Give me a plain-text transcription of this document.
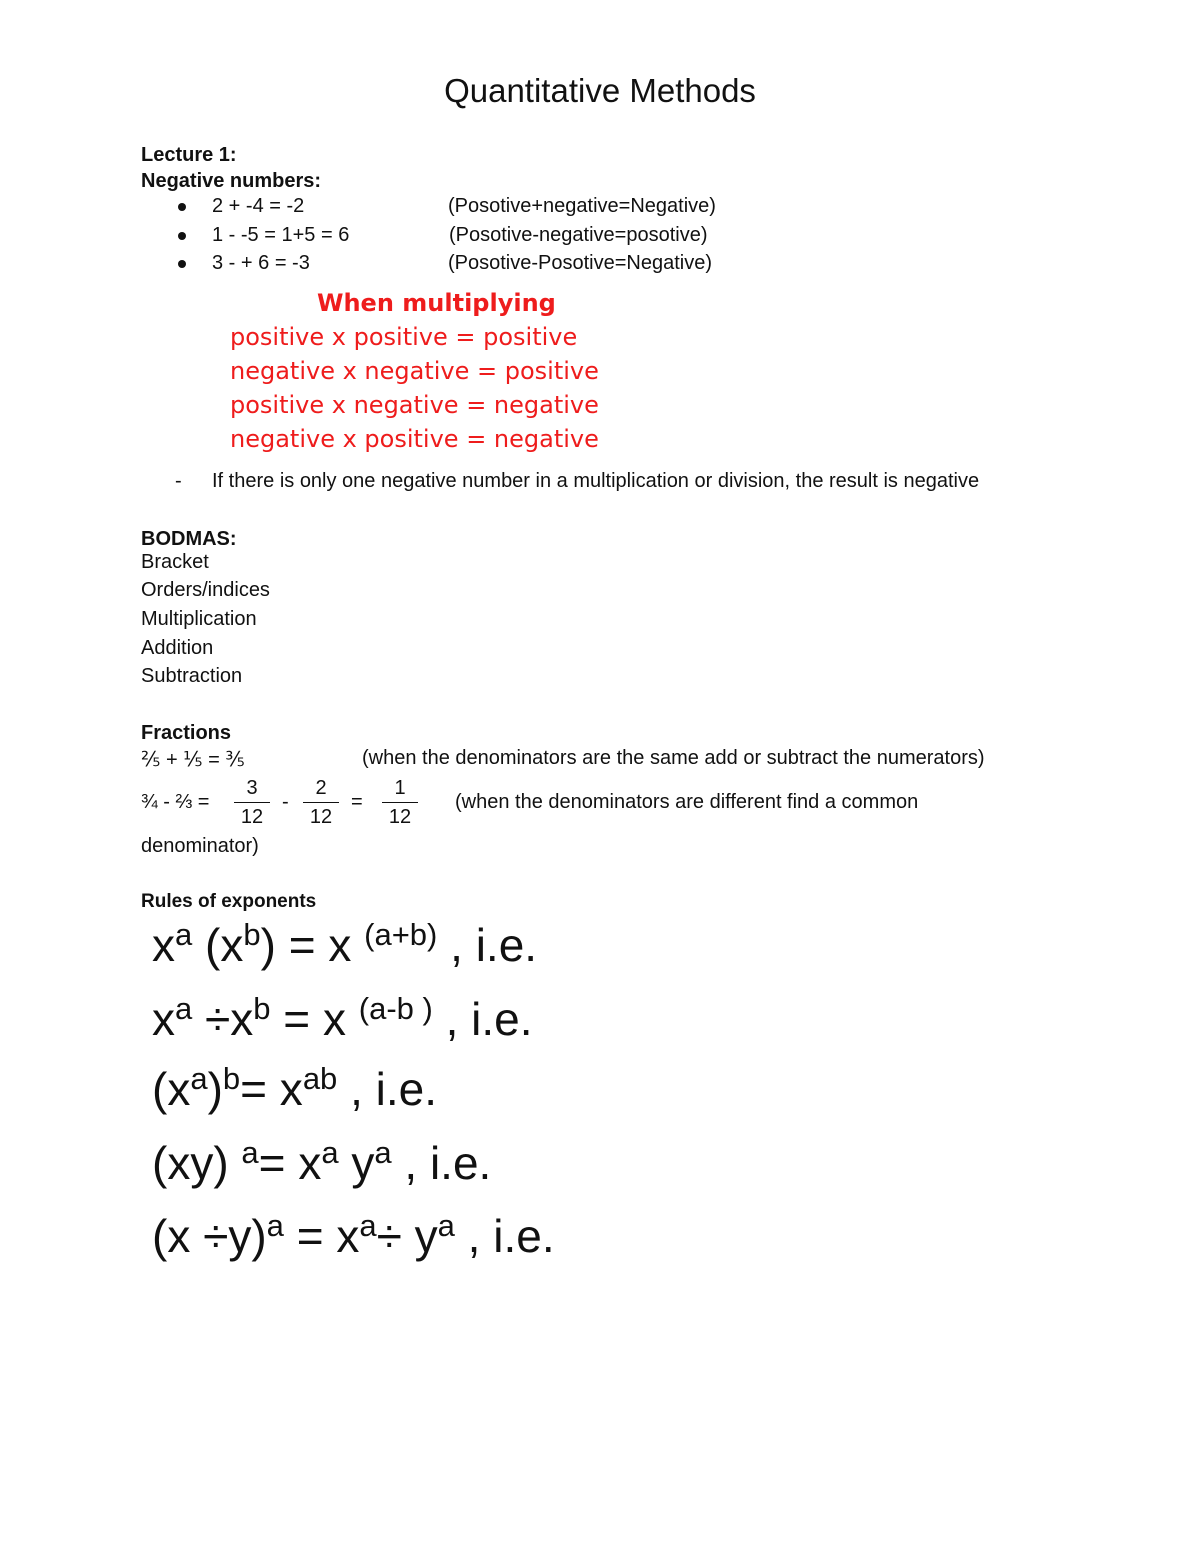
Quantitative Methods
Lecture 1:
Negative numbers:
2 + -4 = -2	(Posotive+negative=Negative)
1 - -5 = 1+5 = 6	(Posotive-negative=posotive)
3 - + 6 = -3	(Posotive-Posotive=Negative)
When multiplying
positive x positive = positive
negative x negative = positive
positive x negative = negative
negative x positive = negative
- If there is only one negative number in a multiplication or division, the result is negative
BODMAS:
Bracket
Orders/indices
Multiplication
Addition
Subtraction
Fractions
⅖ + ⅕ = ⅗	(when the denominators are the same add or subtract the numerators)
¾ - ⅔ =
3
12
-
2
12
=
1
12
(when the denominators are different find a common
denominator)
Rules of exponents
$x^a$ $(x^b) = x$ $^{(a+b)}$ , i.e.
$x^a \div x^b = x$ $^{(a-b )}$ , i.e.
$(x^a)^b= x^{ab}$ , i.e.
(xy) $^a= x^a$ $y^a$ , i.e.
$(x \div y)^a = x^a\div y^a$ , i.e.
